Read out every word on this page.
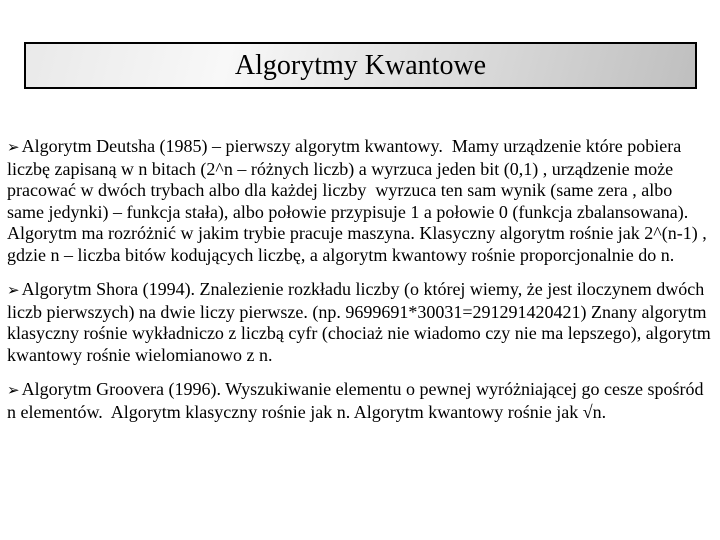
Algorytmy Kwantowe

➢ Algorytm Deutsha (1985) – pierwszy algorytm kwantowy.  Mamy urządzenie które pobiera liczbę zapisaną w n bitach (2^n – różnych liczb) a wyrzuca jeden bit (0,1) , urządzenie może pracować w dwóch trybach albo dla każdej liczby  wyrzuca ten sam wynik (same zera , albo same jedynki) – funkcja stała), albo połowie przypisuje 1 a połowie 0 (funkcja zbalansowana). Algorytm ma rozróżnić w jakim trybie pracuje maszyna. Klasyczny algorytm rośnie jak 2^(n-1) , gdzie n – liczba bitów kodujących liczbę, a algorytm kwantowy rośnie proporcjonalnie do n.

➢ Algorytm Shora (1994). Znalezienie rozkładu liczby (o której wiemy, że jest iloczynem dwóch liczb pierwszych) na dwie liczy pierwsze. (np. 9699691*30031=291291420421) Znany algorytm klasyczny rośnie wykładniczo z liczbą cyfr (chociaż nie wiadomo czy nie ma lepszego), algorytm kwantowy rośnie wielomianowo z n.

➢ Algorytm Groovera (1996). Wyszukiwanie elementu o pewnej wyróżniającej go cesze spośród n elementów.  Algorytm klasyczny rośnie jak n. Algorytm kwantowy rośnie jak √n.
